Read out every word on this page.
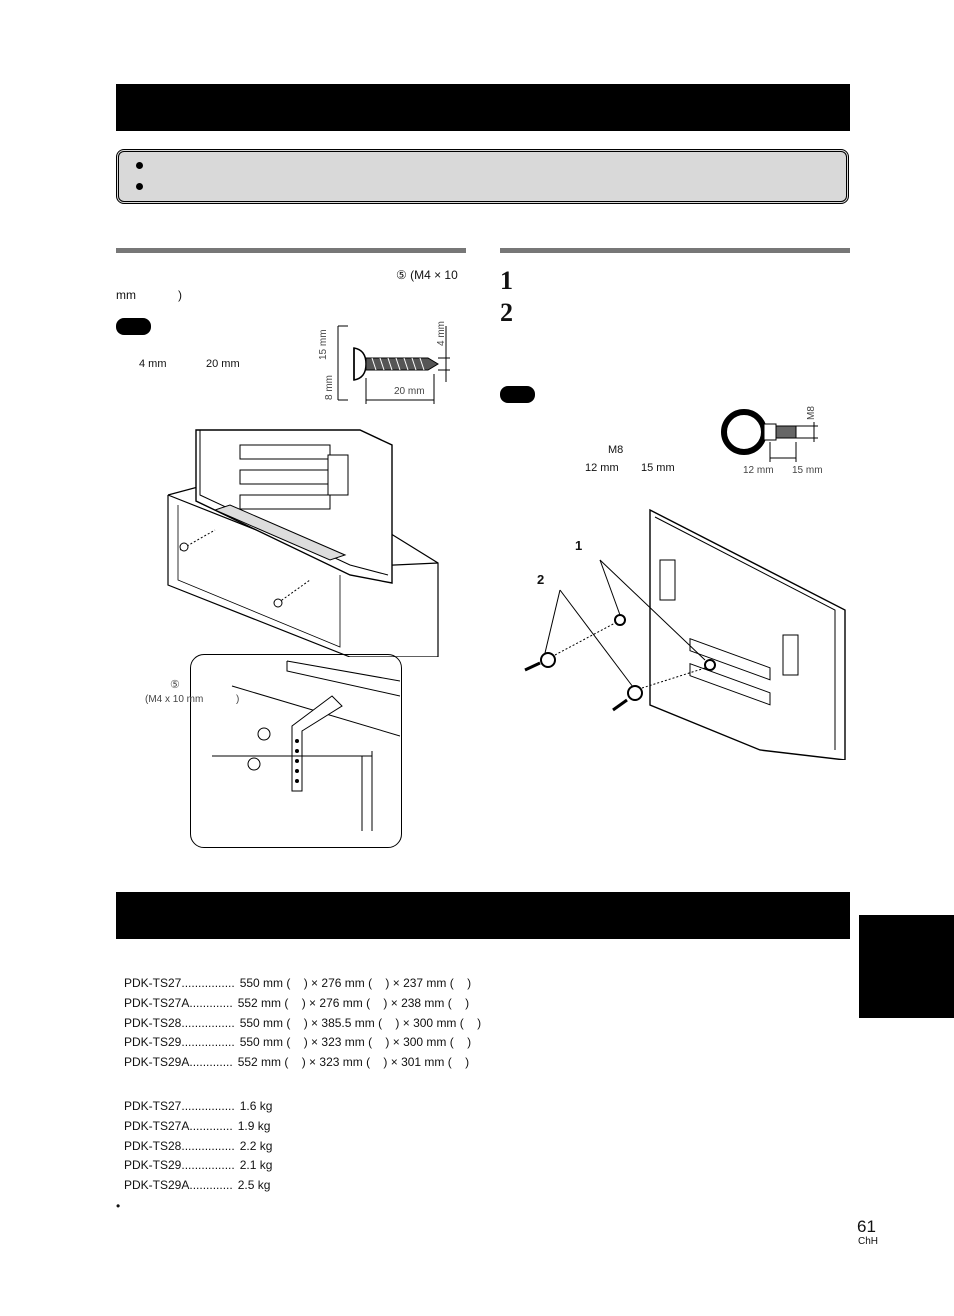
⑤ (M4 × 10
mm	)
4 mm	20 mm
15 mm	4 mm
8 mm	20 mm
⑤
(M4 x 10 mm	)
1
2
M8
12 mm 15 mm
M8
12 mm 15 mm
1
2
PDK-TS27................ 550 mm (    ) × 276 mm (    ) × 237 mm (    )
PDK-TS27A............. 552 mm (    ) × 276 mm (    ) × 238 mm (    )
PDK-TS28................ 550 mm (    ) × 385.5 mm (    ) × 300 mm (    )
PDK-TS29................ 550 mm (    ) × 323 mm (    ) × 300 mm (    )
PDK-TS29A............. 552 mm (    ) × 323 mm (    ) × 301 mm (    )
PDK-TS27................ 1.6 kg
PDK-TS27A............. 1.9 kg
PDK-TS28................ 2.2 kg
PDK-TS29................ 2.1 kg
PDK-TS29A............. 2.5 kg
•
61
ChH
